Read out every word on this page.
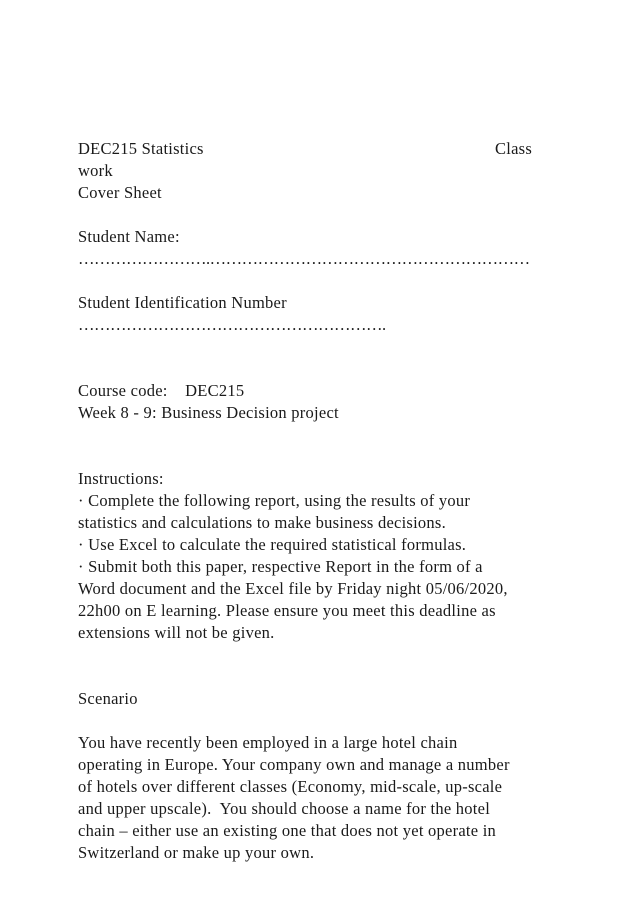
DEC215 Statistics	Class
work
Cover Sheet
Student Name:
…………………….……………………………………………………
Student Identification Number
………………………………………………….
Course code:    DEC215
Week 8 - 9: Business Decision project
Instructions:
· Complete the following report, using the results of your
statistics and calculations to make business decisions.
· Use Excel to calculate the required statistical formulas.
· Submit both this paper, respective Report in the form of a
Word document and the Excel file by Friday night 05/06/2020,
22h00 on E learning. Please ensure you meet this deadline as
extensions will not be given.
Scenario
You have recently been employed in a large hotel chain
operating in Europe. Your company own and manage a number
of hotels over different classes (Economy, mid-scale, up-scale
and upper upscale).  You should choose a name for the hotel
chain – either use an existing one that does not yet operate in
Switzerland or make up your own.
